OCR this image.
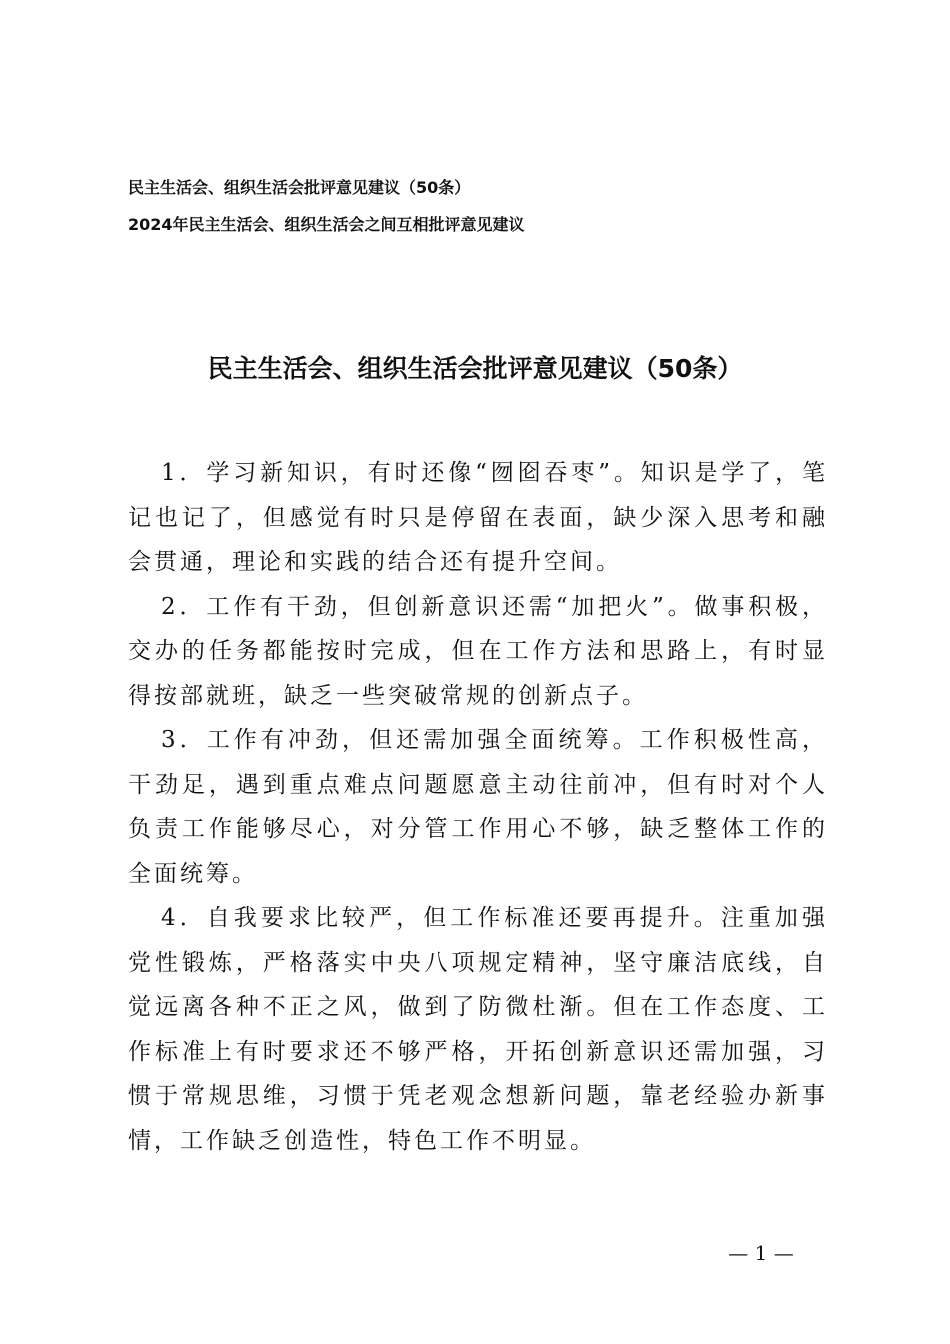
民主生活会、组织生活会批评意见建议（50条）
2024年民主生活会、组织生活会之间互相批评意见建议
民主生活会、组织生活会批评意见建议（50条）

1．学习新知识，有时还像“囫囵吞枣”。知识是学了，笔记也记了，但感觉有时只是停留在表面，缺少深入思考和融会贯通，理论和实践的结合还有提升空间。

2．工作有干劲，但创新意识还需“加把火”。做事积极，交办的任务都能按时完成，但在工作方法和思路上，有时显得按部就班，缺乏一些突破常规的创新点子。

3．工作有冲劲，但还需加强全面统筹。工作积极性高，干劲足，遇到重点难点问题愿意主动往前冲，但有时对个人负责工作能够尽心，对分管工作用心不够，缺乏整体工作的全面统筹。

4．自我要求比较严，但工作标准还要再提升。注重加强党性锻炼，严格落实中央八项规定精神，坚守廉洁底线，自觉远离各种不正之风，做到了防微杜渐。但在工作态度、工作标准上有时要求还不够严格，开拓创新意识还需加强，习惯于常规思维，习惯于凭老观念想新问题，靠老经验办新事情，工作缺乏创造性，特色工作不明显。

— 1 —
